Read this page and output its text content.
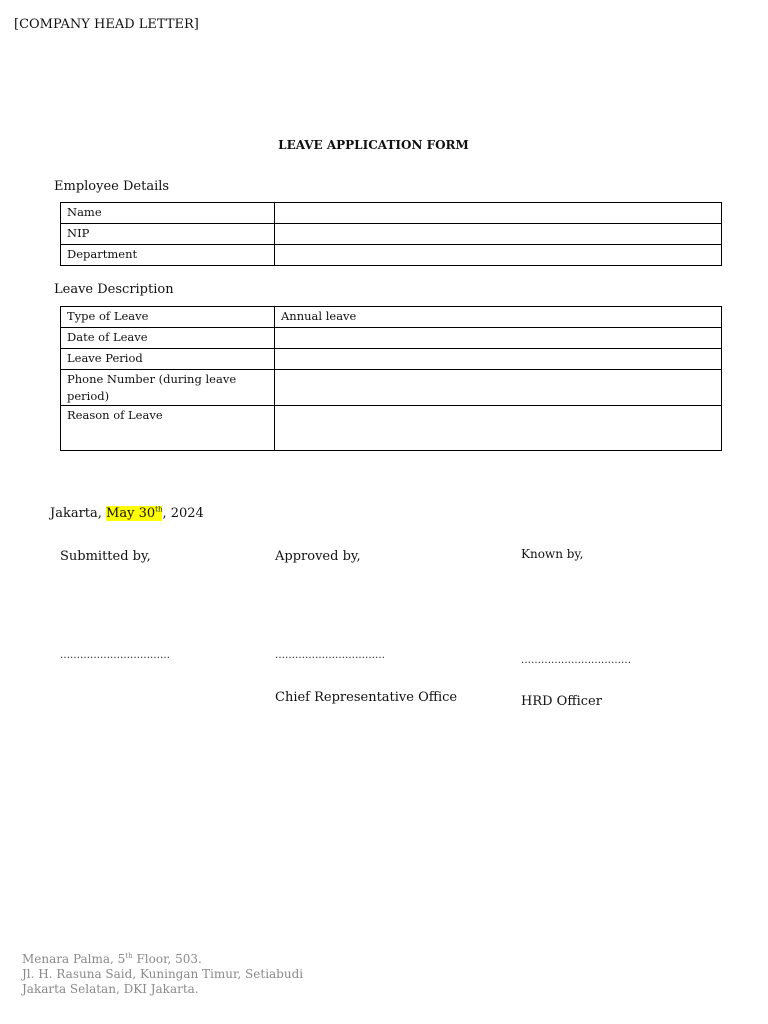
[COMPANY HEAD LETTER]
LEAVE APPLICATION FORM
Employee Details
Name	
NIP	
Department	
Leave Description
Type of Leave	Annual leave
Date of Leave	
Leave Period	
Phone Number (during leave period)	
Reason of Leave	
Jakarta, May 30th, 2024
Submitted by,	Approved by,	Known by,
……………………………	……………………………	……………………………
Chief Representative Office	HRD Officer
Menara Palma, 5th Floor, 503.
Jl. H. Rasuna Said, Kuningan Timur, Setiabudi
Jakarta Selatan, DKI Jakarta.
